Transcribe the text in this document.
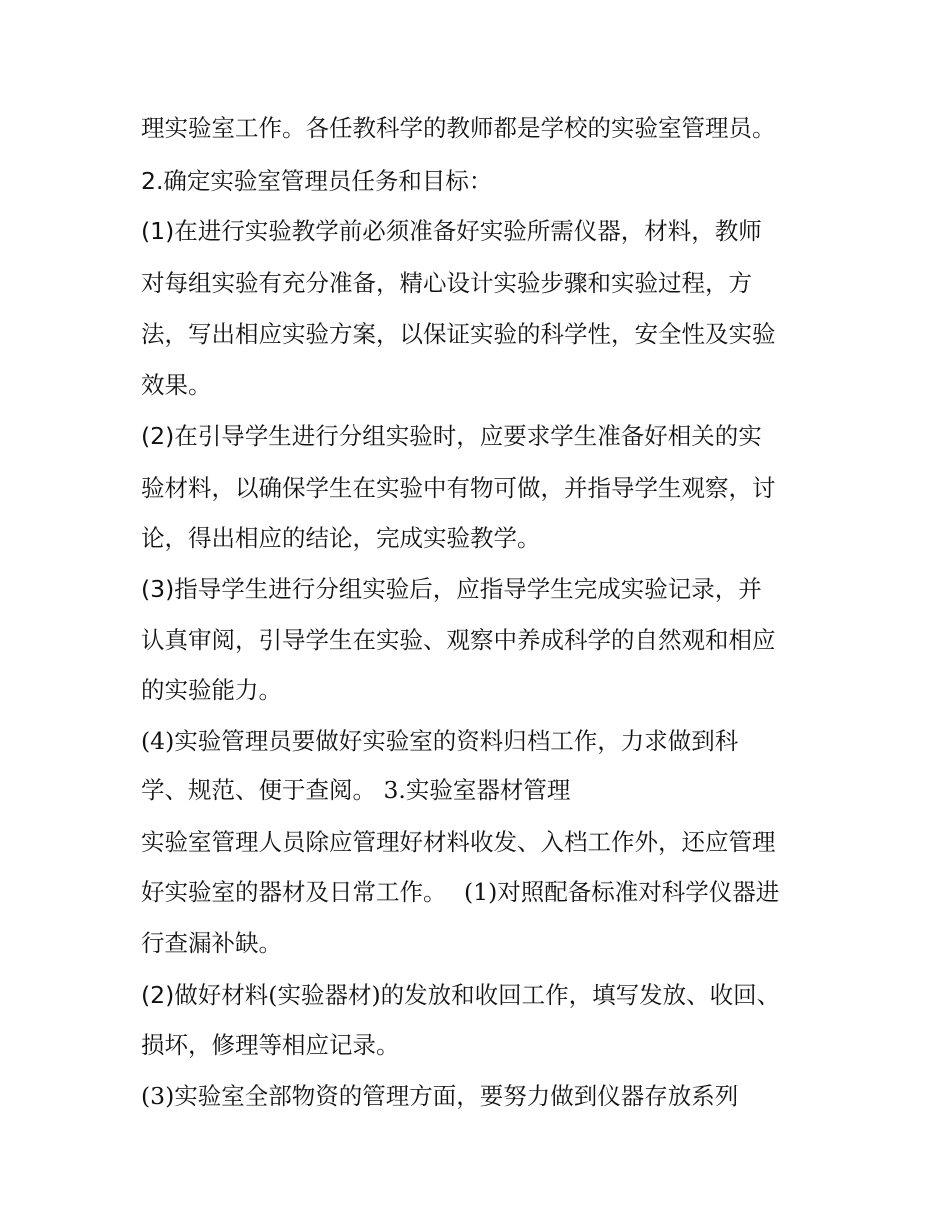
理实验室工作。各任教科学的教师都是学校的实验室管理员。
2.确定实验室管理员任务和目标：
(1)在进行实验教学前必须准备好实验所需仪器，材料，教师
对每组实验有充分准备，精心设计实验步骤和实验过程，方
法，写出相应实验方案，以保证实验的科学性，安全性及实验
效果。
(2)在引导学生进行分组实验时，应要求学生准备好相关的实
验材料，以确保学生在实验中有物可做，并指导学生观察，讨
论，得出相应的结论，完成实验教学。
(3)指导学生进行分组实验后，应指导学生完成实验记录，并
认真审阅，引导学生在实验、观察中养成科学的自然观和相应
的实验能力。
(4)实验管理员要做好实验室的资料归档工作，力求做到科
学、规范、便于查阅。 3.实验室器材管理
实验室管理人员除应管理好材料收发、入档工作外，还应管理
好实验室的器材及日常工作。 (1)对照配备标准对科学仪器进
行查漏补缺。
(2)做好材料(实验器材)的发放和收回工作，填写发放、收回、
损坏，修理等相应记录。
(3)实验室全部物资的管理方面，要努力做到仪器存放系列
